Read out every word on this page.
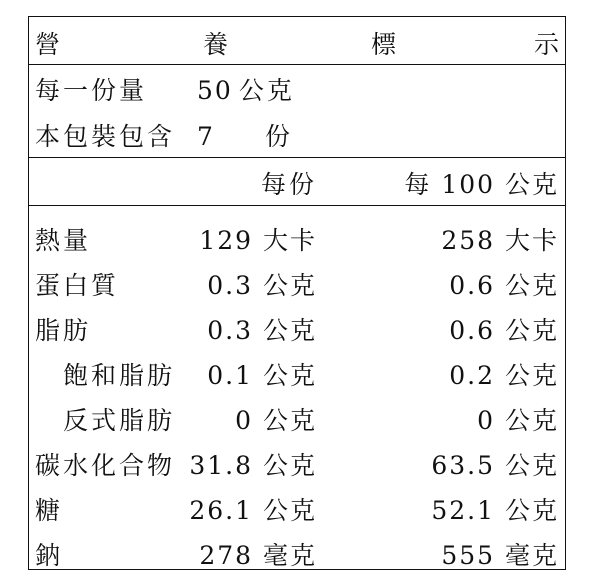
營	養	標	示
每一份量 50 公克
本包裝包含 7 份
每份	每 100 公克
熱量	129 大卡	258 大卡
蛋白質	0.3 公克	0.6 公克
脂肪	0.3 公克	0.6 公克
飽和脂肪 0.1 公克	0.2 公克
反式脂肪 0 公克	0 公克
碳水化合物 31.8 公克	63.5 公克
糖	26.1 公克	52.1 公克
鈉	278 毫克	555 毫克
